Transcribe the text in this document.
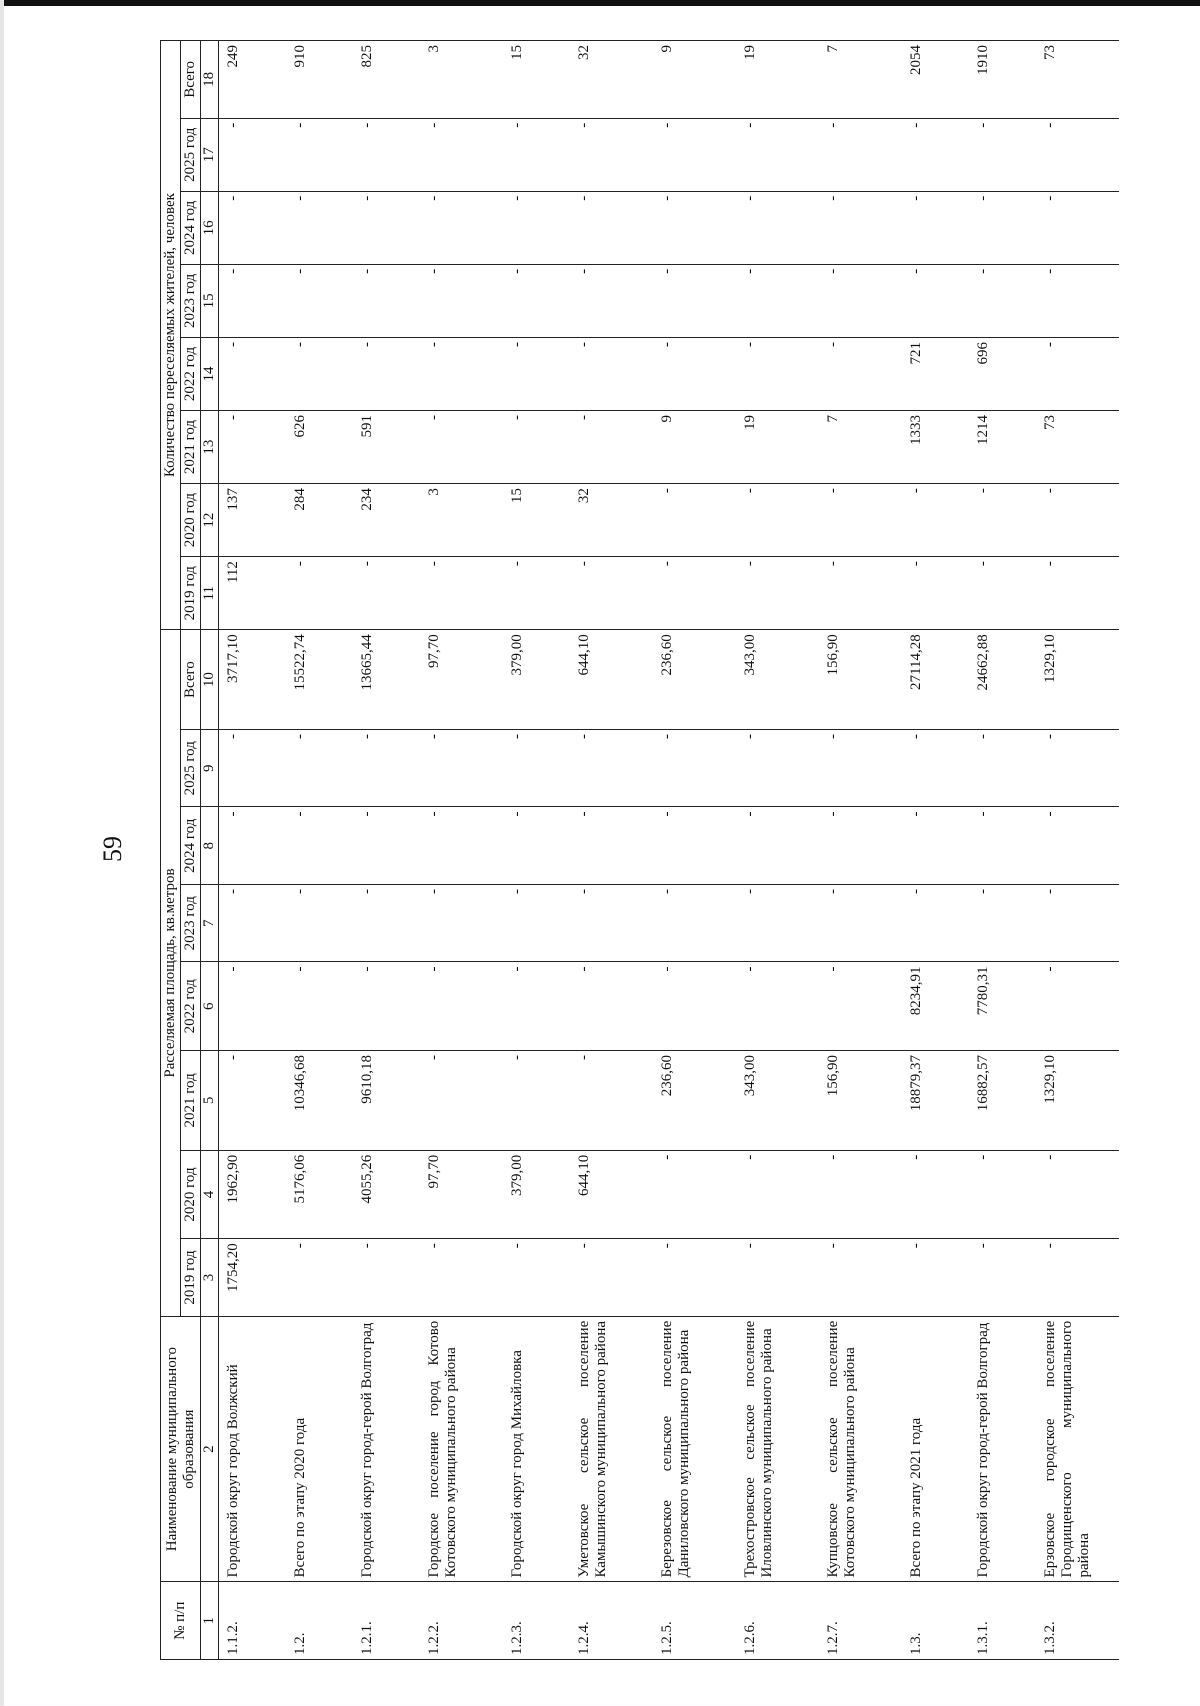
59
№ п/п	Наименование муниципального образования	Расселяемая площадь, кв.метров								Количество переселяемых жителей, человек							
		2019 год	2020 год	2021 год	2022 год	2023 год	2024 год	2025 год	Всего	2019 год	2020 год	2021 год	2022 год	2023 год	2024 год	2025 год	Всего
1	2	3	4	5	6	7	8	9	10	11	12	13	14	15	16	17	18
1.1.2.	Городской округ город Волжский	1754,20	1962,90	-	-	-	-	-	3717,10	112	137	-	-	-	-	-	249
1.2.	Всего по этапу 2020 года	-	5176,06	10346,68	-	-	-	-	15522,74	-	284	626	-	-	-	-	910
1.2.1.	Городской округ город-герой Волгоград	-	4055,26	9610,18	-	-	-	-	13665,44	-	234	591	-	-	-	-	825
1.2.2.	Городское поселение город Котово Котовского муниципального района	-	97,70	-	-	-	-	-	97,70	-	3	-	-	-	-	-	3
1.2.3.	Городской округ город Михайловка	-	379,00	-	-	-	-	-	379,00	-	15	-	-	-	-	-	15
1.2.4.	Уметовское сельское поселение Камышинского муниципального района	-	644,10	-	-	-	-	-	644,10	-	32	-	-	-	-	-	32
1.2.5.	Березовское сельское поселение Даниловского муниципального района	-	-	236,60	-	-	-	-	236,60	-	-	9	-	-	-	-	9
1.2.6.	Трехостровское сельское поселение Иловлинского муниципального района	-	-	343,00	-	-	-	-	343,00	-	-	19	-	-	-	-	19
1.2.7.	Купцовское сельское поселение Котовского муниципального района	-	-	156,90	-	-	-	-	156,90	-	-	7	-	-	-	-	7
1.3.	Всего по этапу 2021 года	-	-	18879,37	8234,91	-	-	-	27114,28	-	-	1333	721	-	-	-	2054
1.3.1.	Городской округ город-герой Волгоград	-	-	16882,57	7780,31	-	-	-	24662,88	-	-	1214	696	-	-	-	1910
1.3.2.	Ерзовское городское поселение Городищенского муниципального района	-	-	1329,10	-	-	-	-	1329,10	-	-	73	-	-	-	-	73
